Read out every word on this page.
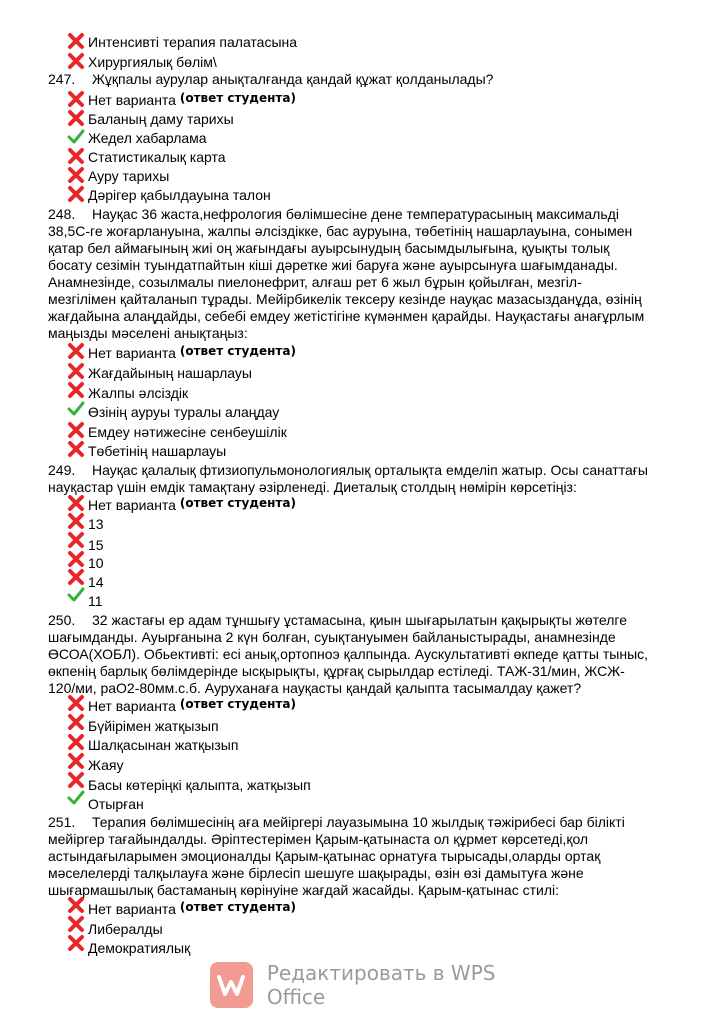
Интенсивті терапия палатасына
Хирургиялық бөлім\
247. Жұқпалы аурулар анықталғанда қандай құжат қолданылады?
Нет варианта (ответ студента)
Баланың даму тарихы
Жедел хабарлама
Статистикалық карта
Ауру тарихы
Дәрігер қабылдауына талон
248. Науқас 36 жаста,нефрология бөлімшесіне дене температурасының максимальді
38,5С-ге жоғарлануына, жалпы әлсіздікке, бас ауруына, төбетінің нашарлауына, сонымен
қатар бел аймағының жиі оң жағындағы ауырсынудың басымдылығына, қуықты толық
босату сезімін туындатпайтын кіші дәретке жиі баруға және ауырсынуға шағымданады.
Анамнезінде, созылмалы пиелонефрит, алғаш рет 6 жыл бұрын қойылған, мезгіл-
мезгілімен қайталанып тұрады. Мейірбикелік тексеру кезінде науқас мазасызданұда, өзінің
жағдайына алаңдайды, себебі емдеу жетістігіне күмәнмен қарайды. Науқастағы анағұрлым
маңызды мәселені анықтаңыз:
Нет варианта (ответ студента)
Жағдайының нашарлауы
Жалпы әлсіздік
Өзінің ауруы туралы алаңдау
Емдеу нәтижесіне сенбеушілік
Төбетінің нашарлауы
249. Науқас қалалық фтизиопульмонологиялық орталықта емделіп жатыр. Осы санаттағы
науқастар үшін емдік тамақтану әзірленеді. Диеталық столдың нөмірін көрсетіңіз:
Нет варианта (ответ студента)
13
15
10
14
11
250. 32 жастағы ер адам тұншығу ұстамасына, қиын шығарылатын қақырықты жөтелге
шағымданды. Ауырғанына 2 күн болған, суықтануымен байланыстырады, анамнезінде
ӨСОА(ХОБЛ). Обьективті: есі анық,ортопноэ қалпында. Аускультативті өкпеде қатты тыныс,
өкпенің барлық бөлімдерінде ысқырықты, құрғақ сырылдар естіледі. ТАЖ-31/мин, ЖСЖ-
120/ми, раО2-80мм.с.б. Ауруханаға науқасты қандай қалыпта тасымалдау қажет?
Нет варианта (ответ студента)
Бүйірімен жатқызып
Шалқасынан жатқызып
Жаяу
Басы көтеріңкі қалыпта, жатқызып
Отырған
251. Терапия бөлімшесінің аға мейіргері лауазымына 10 жылдық тәжірибесі бар білікті
мейіргер тағайындалды. Әріптестерімен Қарым-қатынаста ол құрмет көрсетеді,қол
астындағыларымен эмоционалды Қарым-қатынас орнатуға тырысады,оларды ортақ
мәселелерді талқылауға және бірлесіп шешуге шақырады, өзін өзі дамытуға және
шығармашылық бастаманың көрінуіне жағдай жасайды. Қарым-қатынас стилі:
Нет варианта (ответ студента)
Либералды
Демократиялық
Редактировать в WPS Office
